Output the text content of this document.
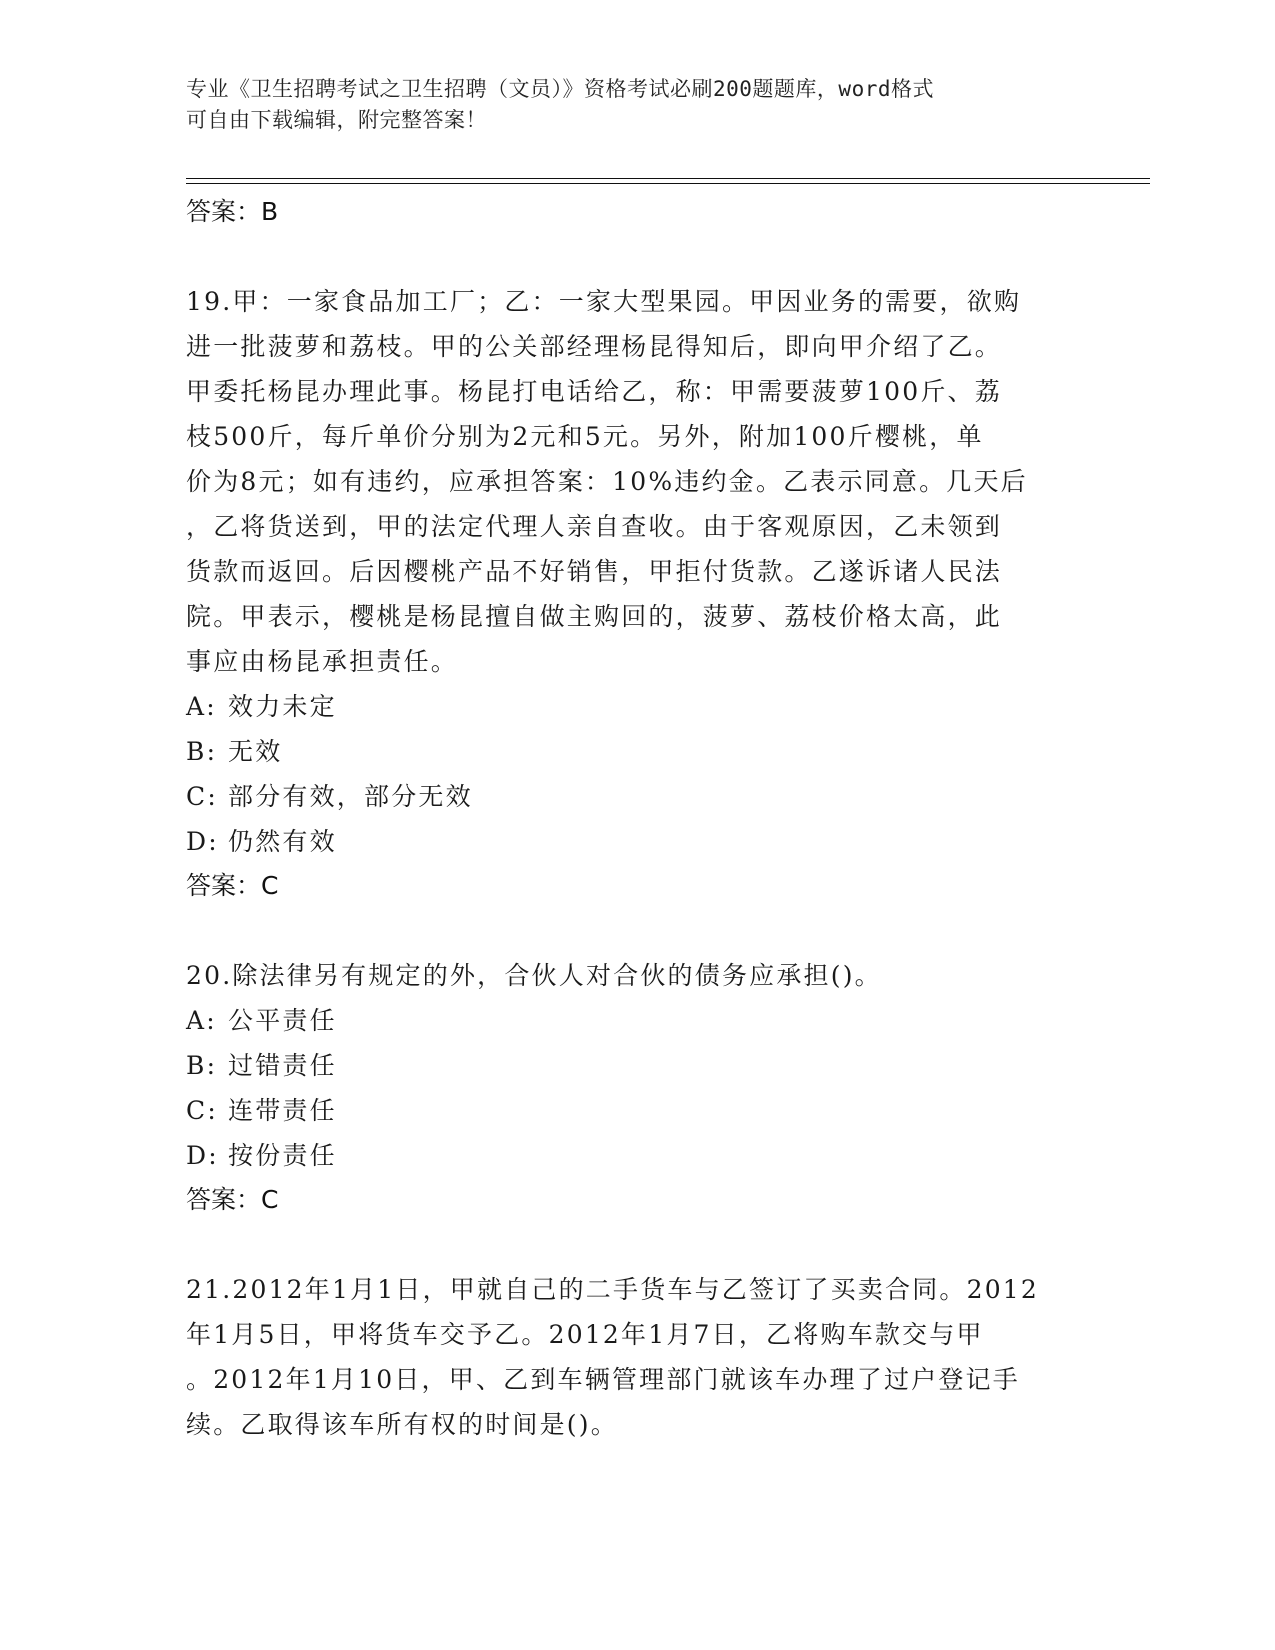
专业《卫生招聘考试之卫生招聘（文员）》资格考试必刷200题题库，word格式
可自由下载编辑，附完整答案！
答案：B
19.甲：一家食品加工厂；乙：一家大型果园。甲因业务的需要，欲购
进一批菠萝和荔枝。甲的公关部经理杨昆得知后，即向甲介绍了乙。
甲委托杨昆办理此事。杨昆打电话给乙，称：甲需要菠萝100斤、荔
枝500斤，每斤单价分别为2元和5元。另外，附加100斤樱桃，单
价为8元；如有违约，应承担答案：10%违约金。乙表示同意。几天后
，乙将货送到，甲的法定代理人亲自查收。由于客观原因，乙未领到
货款而返回。后因樱桃产品不好销售，甲拒付货款。乙遂诉诸人民法
院。甲表示，樱桃是杨昆擅自做主购回的，菠萝、荔枝价格太高，此
事应由杨昆承担责任。
A: 效力未定
B: 无效
C: 部分有效，部分无效
D: 仍然有效
答案：C
20.除法律另有规定的外，合伙人对合伙的债务应承担()。
A: 公平责任
B: 过错责任
C: 连带责任
D: 按份责任
答案：C
21.2012年1月1日，甲就自己的二手货车与乙签订了买卖合同。2012
年1月5日，甲将货车交予乙。2012年1月7日，乙将购车款交与甲
。2012年1月10日，甲、乙到车辆管理部门就该车办理了过户登记手
续。乙取得该车所有权的时间是()。
